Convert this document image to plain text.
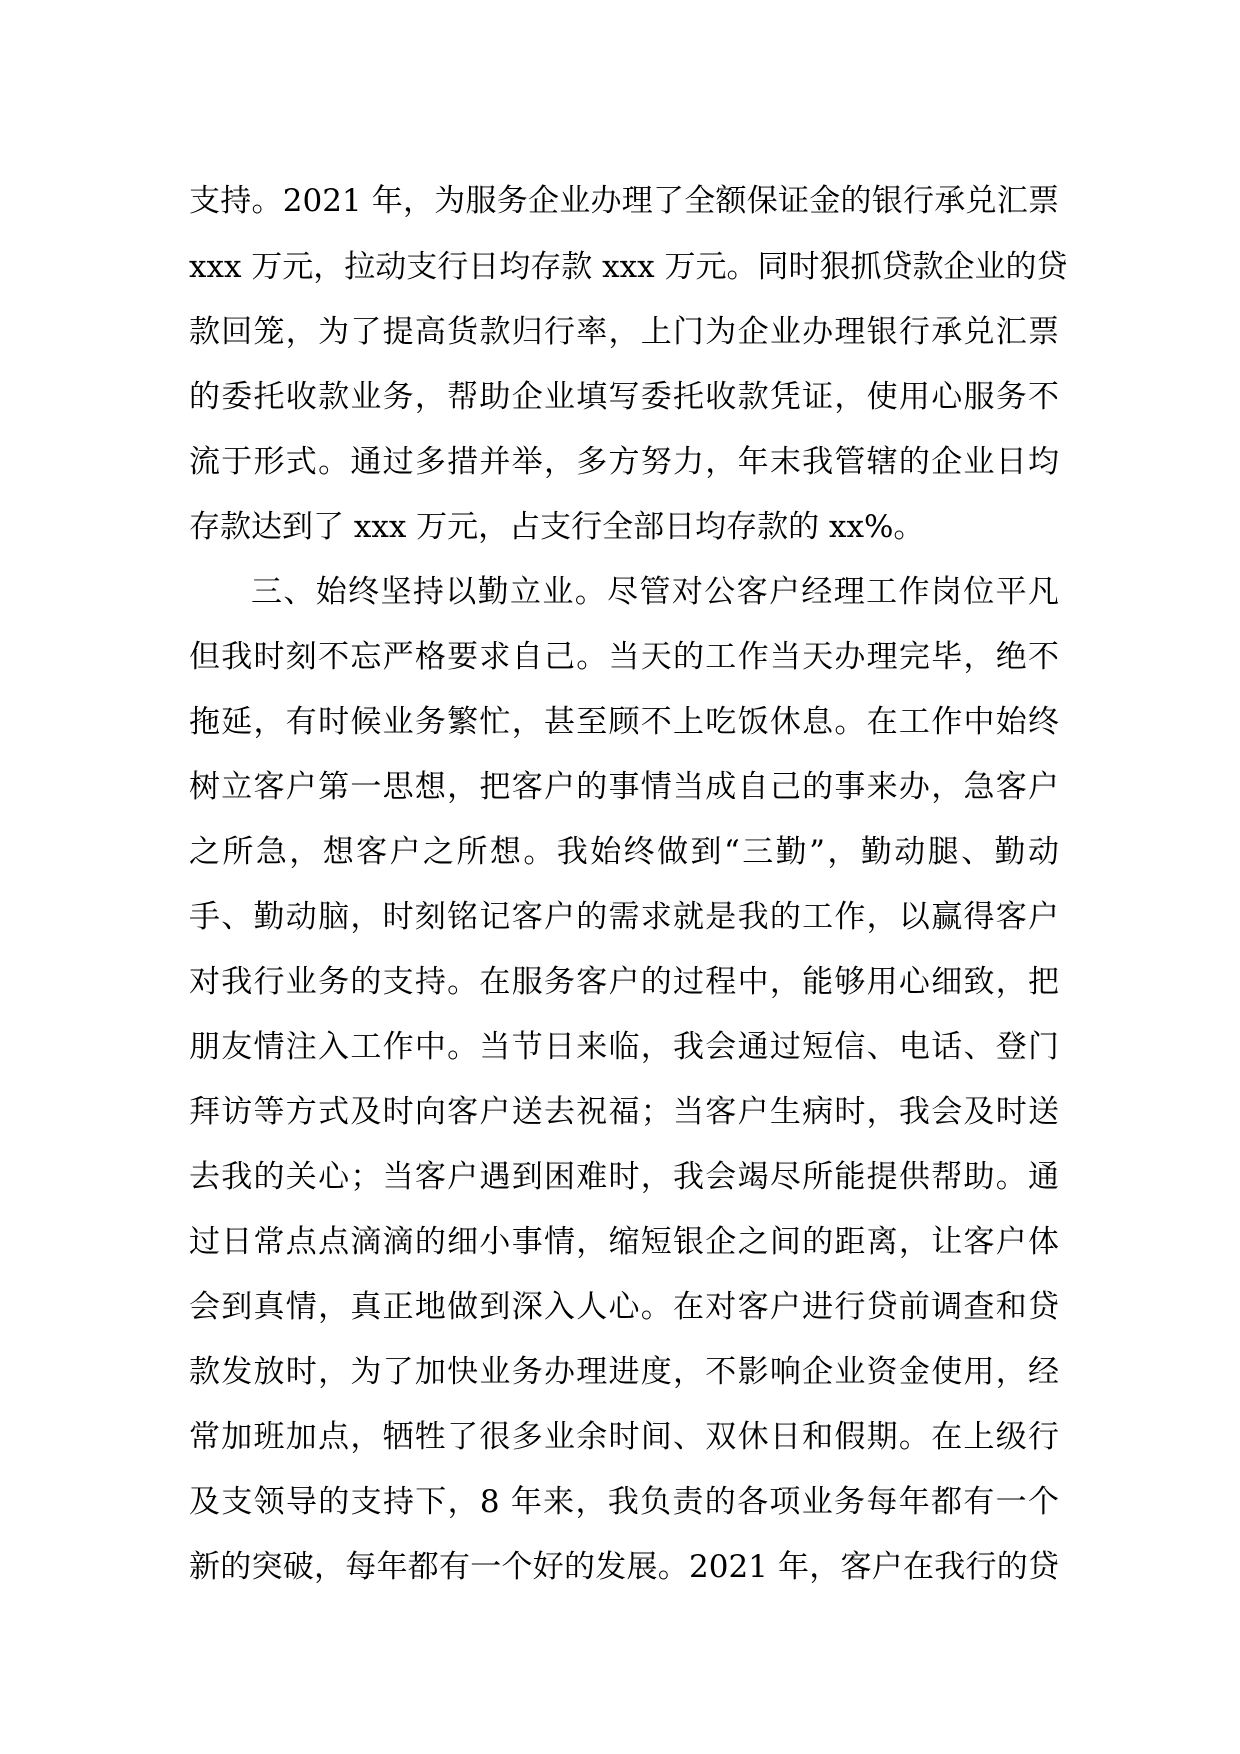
支持。2021 年，为服务企业办理了全额保证金的银行承兑汇票
xxx 万元，拉动支行日均存款 xxx 万元。同时狠抓贷款企业的贷
款回笼，为了提高货款归行率，上门为企业办理银行承兑汇票
的委托收款业务，帮助企业填写委托收款凭证，使用心服务不
流于形式。通过多措并举，多方努力，年末我管辖的企业日均
存款达到了 xxx 万元，占支行全部日均存款的 xx%。
三、始终坚持以勤立业。尽管对公客户经理工作岗位平凡
但我时刻不忘严格要求自己。当天的工作当天办理完毕，绝不
拖延，有时候业务繁忙，甚至顾不上吃饭休息。在工作中始终
树立客户第一思想，把客户的事情当成自己的事来办，急客户
之所急，想客户之所想。我始终做到“三勤”，勤动腿、勤动
手、勤动脑，时刻铭记客户的需求就是我的工作，以赢得客户
对我行业务的支持。在服务客户的过程中，能够用心细致，把
朋友情注入工作中。当节日来临，我会通过短信、电话、登门
拜访等方式及时向客户送去祝福；当客户生病时，我会及时送
去我的关心；当客户遇到困难时，我会竭尽所能提供帮助。通
过日常点点滴滴的细小事情，缩短银企之间的距离，让客户体
会到真情，真正地做到深入人心。在对客户进行贷前调查和贷
款发放时，为了加快业务办理进度，不影响企业资金使用，经
常加班加点，牺牲了很多业余时间、双休日和假期。在上级行
及支领导的支持下，8 年来，我负责的各项业务每年都有一个
新的突破，每年都有一个好的发展。2021 年，客户在我行的贷
